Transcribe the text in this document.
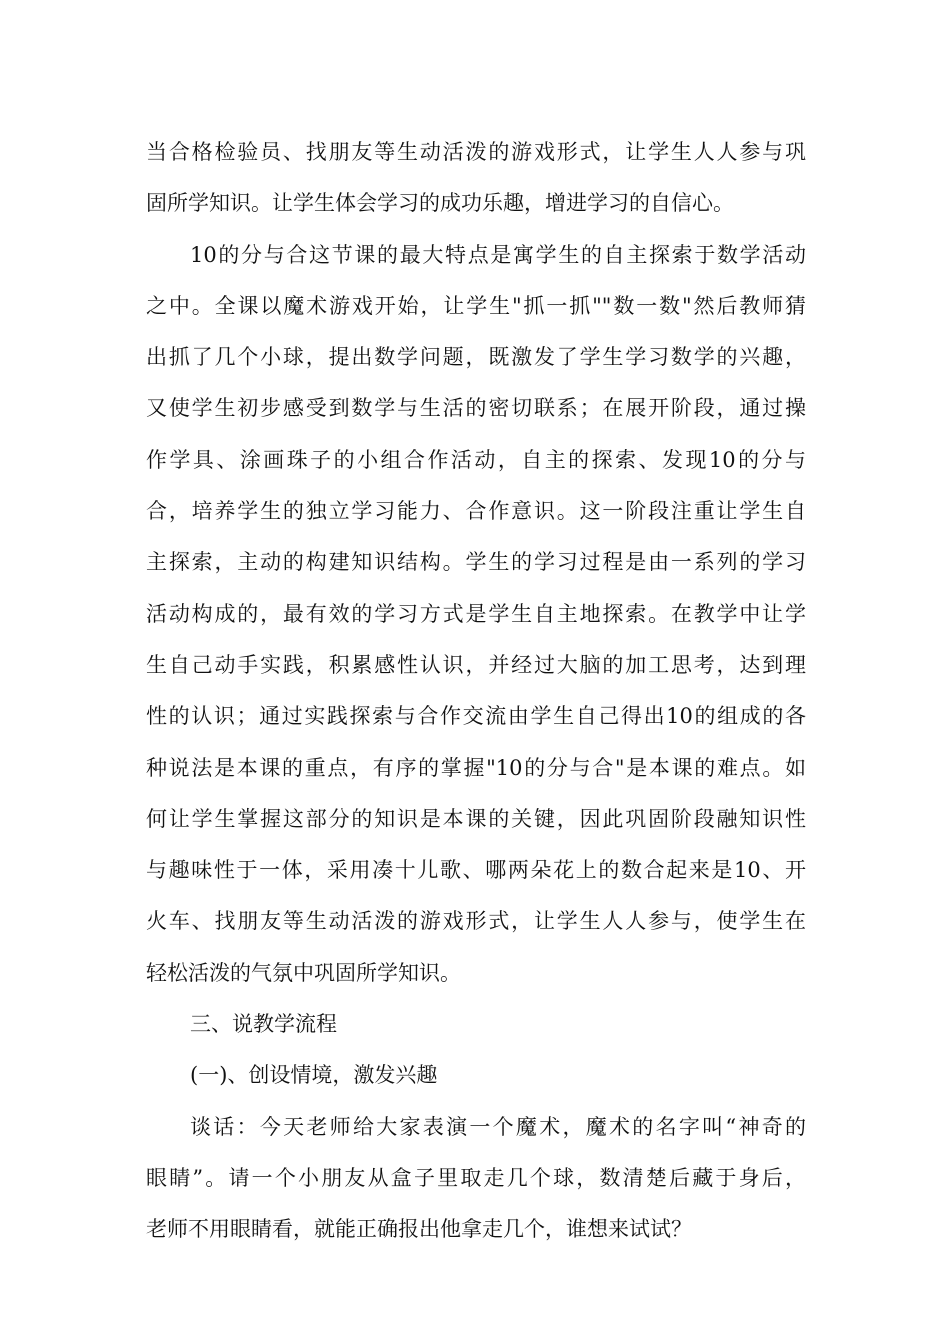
当合格检验员、找朋友等生动活泼的游戏形式，让学生人人参与巩
固所学知识。让学生体会学习的成功乐趣，增进学习的自信心。
10的分与合这节课的最大特点是寓学生的自主探索于数学活动
之中。全课以魔术游戏开始，让学生"抓一抓""数一数"然后教师猜
出抓了几个小球，提出数学问题，既激发了学生学习数学的兴趣，
又使学生初步感受到数学与生活的密切联系；在展开阶段，通过操
作学具、涂画珠子的小组合作活动，自主的探索、发现10的分与
合，培养学生的独立学习能力、合作意识。这一阶段注重让学生自
主探索，主动的构建知识结构。学生的学习过程是由一系列的学习
活动构成的，最有效的学习方式是学生自主地探索。在教学中让学
生自己动手实践，积累感性认识，并经过大脑的加工思考，达到理
性的认识；通过实践探索与合作交流由学生自己得出10的组成的各
种说法是本课的重点，有序的掌握"10的分与合"是本课的难点。如
何让学生掌握这部分的知识是本课的关键，因此巩固阶段融知识性
与趣味性于一体，采用凑十儿歌、哪两朵花上的数合起来是10、开
火车、找朋友等生动活泼的游戏形式，让学生人人参与，使学生在
轻松活泼的气氛中巩固所学知识。
三、说教学流程
(一)、创设情境，激发兴趣
谈话：今天老师给大家表演一个魔术，魔术的名字叫“神奇的
眼睛”。请一个小朋友从盒子里取走几个球，数清楚后藏于身后，
老师不用眼睛看，就能正确报出他拿走几个，谁想来试试？
